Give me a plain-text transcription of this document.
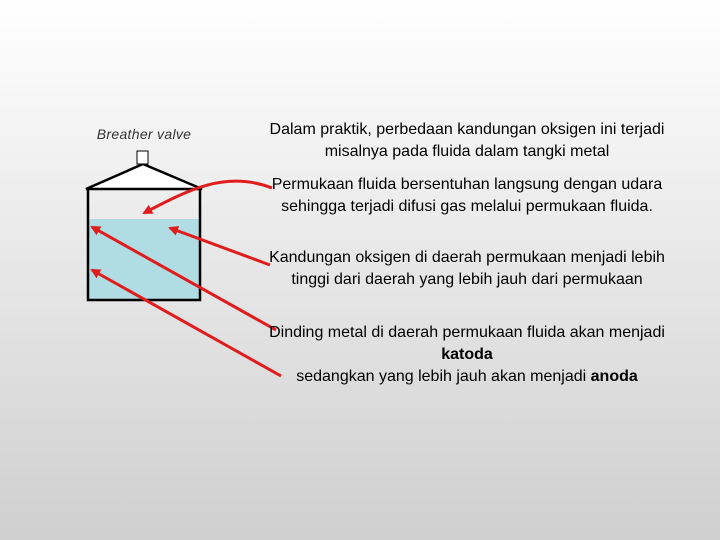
Breather valve	Dalam praktik, perbedaan kandungan oksigen ini terjadi misalnya pada fluida dalam tangki metal
Permukaan fluida bersentuhan langsung dengan udara sehingga terjadi difusi gas melalui permukaan fluida.
Kandungan oksigen di daerah permukaan menjadi lebih tinggi dari daerah yang lebih jauh dari permukaan
Dinding metal di daerah permukaan fluida akan menjadi katoda
sedangkan yang lebih jauh akan menjadi anoda
